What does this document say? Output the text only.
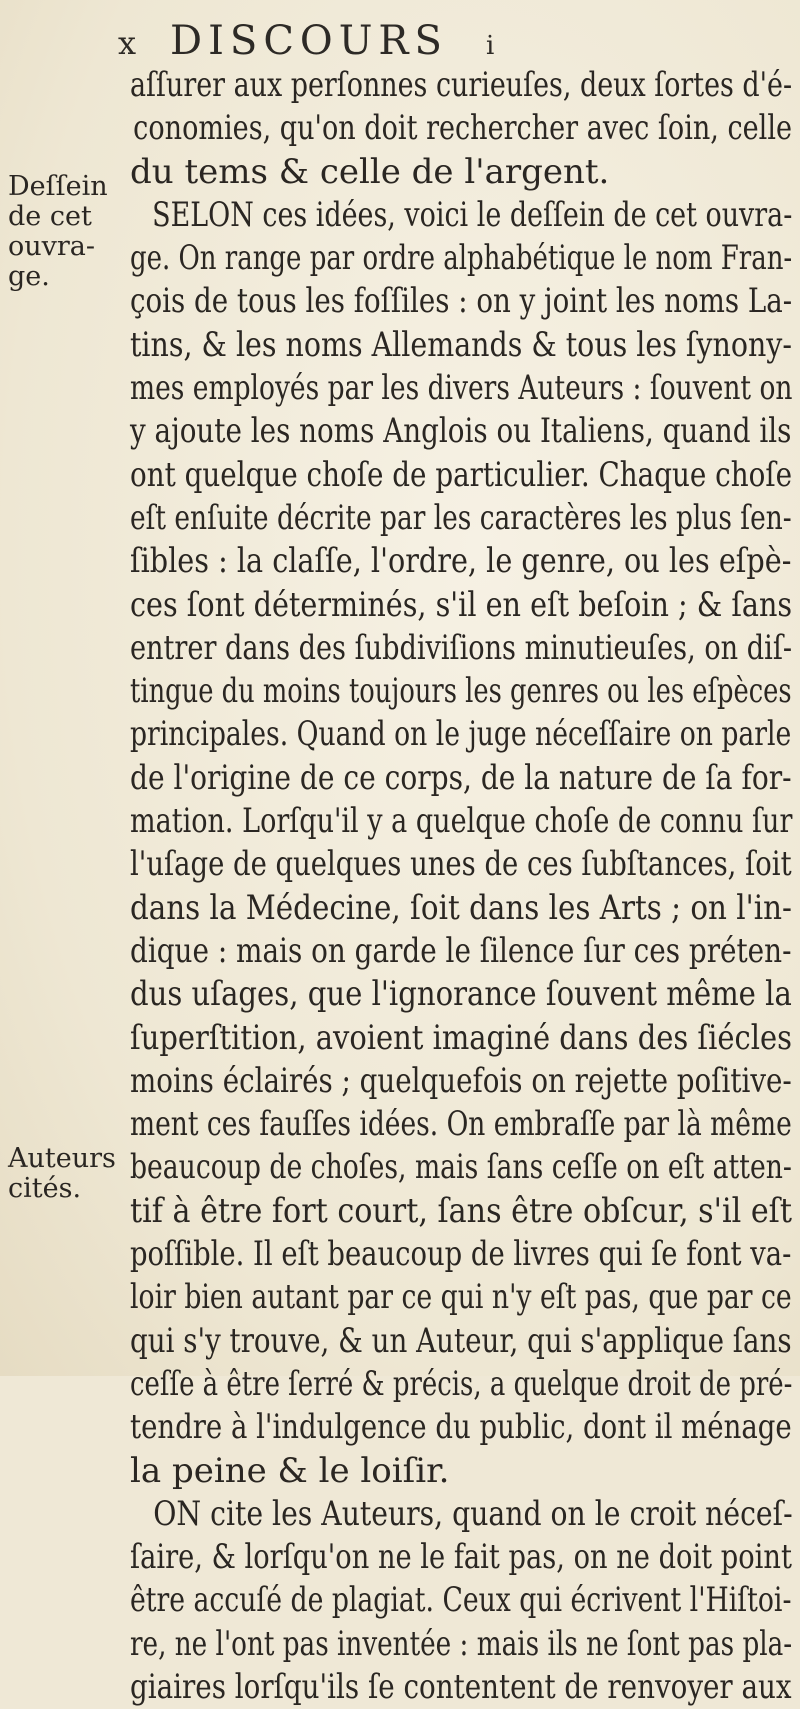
x DISCOURS i
Deſſein
de cet
ouvra-
ge.
Auteurs
cités.
aſſurer aux perſonnes curieuſes, deux ſortes d'é-
conomies, qu'on doit rechercher avec ſoin, celle
du tems & celle de l'argent.
SELON ces idées, voici le deſſein de cet ouvra-
ge. On range par ordre alphabétique le nom Fran-
çois de tous les foſſiles : on y joint les noms La-
tins, & les noms Allemands & tous les ſynony-
mes employés par les divers Auteurs : ſouvent on
y ajoute les noms Anglois ou Italiens, quand ils
ont quelque choſe de particulier. Chaque choſe
eſt enſuite décrite par les caractères les plus ſen-
ſibles : la claſſe, l'ordre, le genre, ou les eſpè-
ces ſont déterminés, s'il en eſt beſoin ; & ſans
entrer dans des ſubdiviſions minutieuſes, on diſ-
tingue du moins toujours les genres ou les eſpèces
principales. Quand on le juge néceſſaire on parle
de l'origine de ce corps, de la nature de ſa for-
mation. Lorſqu'il y a quelque choſe de connu ſur
l'uſage de quelques unes de ces ſubſtances, ſoit
dans la Médecine, ſoit dans les Arts ; on l'in-
dique : mais on garde le ſilence ſur ces préten-
dus uſages, que l'ignorance ſouvent même la
ſuperſtition, avoient imaginé dans des ſiécles
moins éclairés ; quelquefois on rejette poſitive-
ment ces fauſſes idées. On embraſſe par là même
beaucoup de choſes, mais ſans ceſſe on eſt atten-
tif à être fort court, ſans être obſcur, s'il eſt
poſſible. Il eſt beaucoup de livres qui ſe font va-
loir bien autant par ce qui n'y eſt pas, que par ce
qui s'y trouve, & un Auteur, qui s'applique ſans
ceſſe à être ſerré & précis, a quelque droit de pré-
tendre à l'indulgence du public, dont il ménage
la peine & le loiſir.
ON cite les Auteurs, quand on le croit néceſ-
ſaire, & lorſqu'on ne le fait pas, on ne doit point
être accuſé de plagiat. Ceux qui écrivent l'Hiſtoi-
re, ne l'ont pas inventée : mais ils ne ſont pas pla-
giaires lorſqu'ils ſe contentent de renvoyer aux
